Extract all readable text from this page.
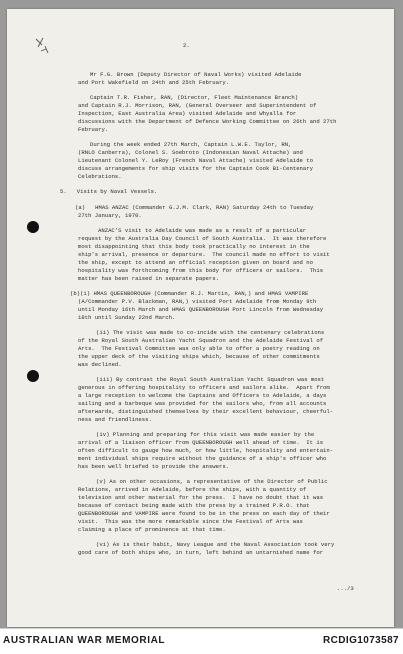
2.
Mr F.G. Brown (Deputy Director of Naval Works) visited Adelaide
and Port Wakefield on 24th and 25th February.
Captain T.R. Fisher, RAN, (Director, Fleet Maintenance Branch)
and Captain R.J. Morrison, RAN, (General Overseer and Superintendent of
Inspection, East Australia Area) visited Adelaide and Whyalla for
discussions with the Department of Defence Working Committee on 26th and 27th
February.
During the week ended 27th March, Captain L.W.E. Taylor, RN,
(RNLO Canberra), Colonel S. Soebroto (Indonesian Naval Attache) and
Lieutenant Colonel Y. LeRoy (French Naval Attache) visited Adelaide to
discuss arrangements for ship visits for the Captain Cook Bi-Centenary
Celebrations.
5.   Visits by Naval Vessels.
(a)   HMAS ANZAC (Commander G.J.M. Clark, RAN) Saturday 24th to Tuesday
27th January, 1970.
ANZAC'S visit to Adelaide was made as a result of a particular
request by the Australia Day Council of South Australia.  It was therefore
most disappointing that this body took practically no interest in the
ship's arrival, presence or departure.  The council made no effort to visit
the ship, except to attend an official reception given on board and no
hospitality was forthcoming from this body for officers or sailors.  This
matter has been raised in separate papers.
(b)(i) HMAS QUEENBOROUGH (Commander R.J. Martin, RAN,) and HMAS VAMPIRE
(A/Commander P.V. Blackman, RAN,) visited Port Adelaide from Monday 9th
until Monday 16th March and HMAS QUEENBOROUGH Port Lincoln from Wednesday
18th until Sunday 22nd March.
(ii) The visit was made to co-incide with the centenary celebrations
of the Royal South Australian Yacht Squadron and the Adelaide Festival of
Arts.  The Festival Committee was only able to offer a poetry reading on
the upper deck of the visiting ships which, because of other commitments
was declined.
(iii) By contrast the Royal South Australian Yacht Squadron was most
generous in offering hospitality to officers and sailors alike.  Apart from
a large reception to welcome the Captains and Officers to Adelaide, a days
sailing and a barbeque was provided for the sailors who, from all accounts
afterwards, distinguished themselves by their excellent behaviour, cheerful-
ness and friendliness.
(iv) Planning and preparing for this visit was made easier by the
arrival of a liaison officer from QUEENBOROUGH well ahead of time.  It is
often difficult to gauge how much, or how little, hospitality and entertain-
ment individual ships require without the guidance of a ship's officer who
has been well briefed to provide the answers.
(v) As on other occasions, a representative of the Director of Public
Relations, arrived in Adelaide, before the ships, with a quantity of
television and other material for the press.  I have no doubt that it was
because of contact being made with the press by a trained P.R.O. that
QUEENBOROUGH and VAMPIRE were found to be in the press on each day of their
visit.  This was the more remarkable since the Festival of Arts was
claiming a place of prominence at that time.
(vi) As is their habit, Navy League and the Naval Association took very
good care of both ships who, in turn, left behind an untarnished name for
.../3
AUSTRALIAN WAR MEMORIAL	RCDIG1073587
